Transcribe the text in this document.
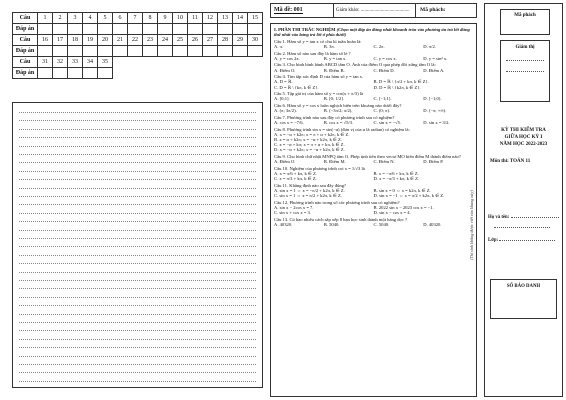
Câu	1	2	3	4	5	6	7	8	9	10	11	12	13	14	15
Đáp án															
Câu	16	17	18	19	20	21	22	23	24	25	26	27	28	29	30
Đáp án															
Câu	31	32	33	34	35										
Đáp án															
Mã đề: 001	Giám khảo: .......................................	Mã phách:
I. PHẦN THI TRẮC NGHIỆM (Chọn một đáp án đúng nhất khoanh tròn vào phương án trả lời đúng thứ nhất vào bảng trả lời ở phía dưới)
Câu 1. Hàm số y = tan x có chu kì tuần hoàn là:
A. π.	B. 3π.	C. 2π.	D. π/2.
Câu 2. Hàm số nào sau đây là hàm số lẻ ?
A. y = cos 2x.	B. y = tan x.	C. y = cos x.	D. y = sin² x.
Câu 3. Cho hình bình hành ABCD tâm O. Ảnh của điểm O qua phép đối xứng tâm O là:
A. Điểm O.	B. Điểm B.	C. Điểm D.	D. Điểm A.
Câu 4. Tìm tập xác định D của hàm số y = tan x.
A. D = ℝ.	B. D = ℝ \ {π/2 + kπ, k ∈ Z}.
C. D = ℝ \ {kπ, k ∈ Z}.	D. D = ℝ \ {k2π, k ∈ Z}.
Câu 5. Tập giá trị của hàm số y = cos(x + π/3) là
A. [0;1].	B. [0; 1/2].	C. [−1;1].	D. [−1;0].
Câu 6. Hàm số y = cos x luôn nghịch biến trên khoảng nào dưới đây?
A. (π; 3π/2).	B. (−3π/2; π/2).	C. (0; π).	D. (−π; +∞).
Câu 7. Phương trình nào sau đây có phương trình sau có nghiệm?
A. cos x = −7/6.	B. cos x = √5/3.	C. sin x = −√5.	D. sin x = 3/2.
Câu 8. Phương trình sin x = sin(−α) (đơn vị của α là radian) có nghiệm là:
A. x = −α + k2π; x = π + α + k2π, k ∈ Z.
B. x = α + k2π; x = −α + k2π, k ∈ Z.
C. x = −α + kπ; x = π + α + kπ, k ∈ Z.
D. x = −α + k2π; x = −α + k2π, k ∈ Z.
Câu 9. Cho hình chữ nhật MNPQ tâm O. Phép tịnh tiến theo vectơ MO biến điểm M thành điểm nào?
A. Điểm O.	B. Điểm M.	C. Điểm N.	D. Điểm P.
Câu 10. Nghiệm của phương trình cot x = 1/√3 là
A. x = π/6 + kπ, k ∈ Z.	B. x = −π/6 + kπ, k ∈ Z.
C. x = π/3 + kπ, k ∈ Z.	D. x = −π/3 + kπ, k ∈ Z.
Câu 11. Khẳng định nào sau đây đúng?
A. sin x = 1 ⇔ x = −π/2 + k2π, k ∈ Z.	B. sin x = 0 ⇔ x = k2π, k ∈ Z.
C. sin x = 1 ⇔ x = π/2 + k2π, k ∈ Z.	D. sin x = −1 ⇔ x = π/2 + k2π, k ∈ Z.
Câu 12. Phương trình nào trong số các phương trình sau có nghiệm?
A. sin x − 2cos x = 7.	B. 2022 sin x − 2023 cos x = −1.
C. sin x + cos x = 3.	D. sin x − cos x = 4.
Câu 13. Có bao nhiêu cách sắp xếp 8 bạn học sinh thành một hàng dọc ?
A. 40320.	B. 5040.	C. 5040.	D. 40320.	(Thí sinh không được viết vào khung này)
Mã phách
Giám thị
KỲ THI KIỂM TRA
GIỮA HỌC KỲ I
NĂM HỌC 2022-2023
Môn thi: TOÁN 11
Họ và tên:
Lớp:
SỐ BÁO DANH
